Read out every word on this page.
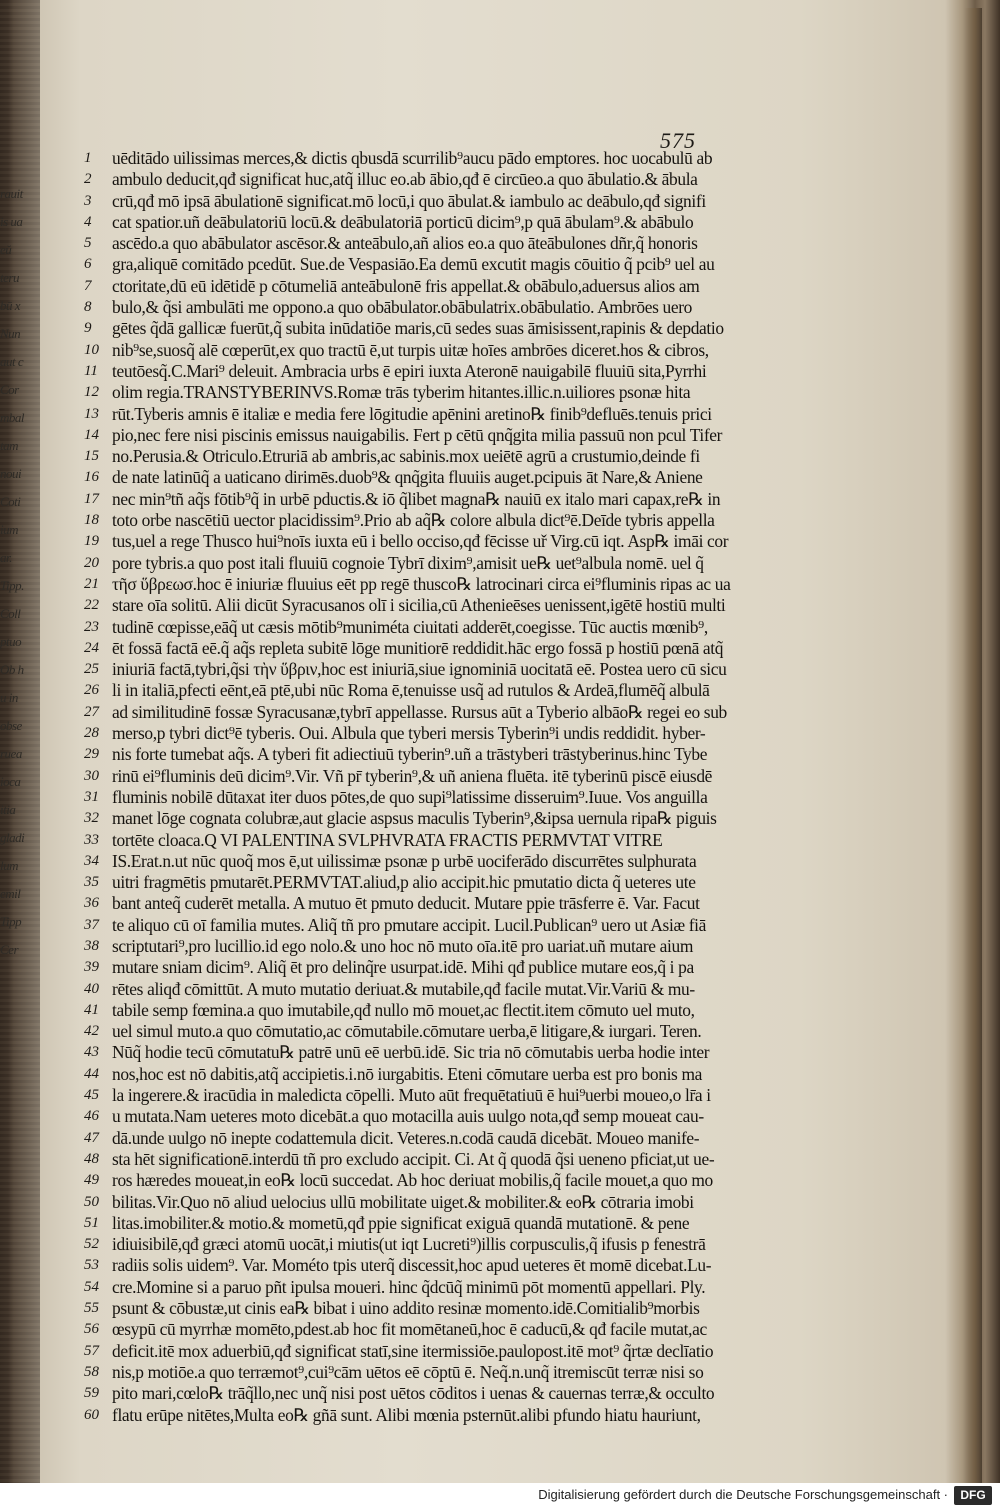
rauit
is ua
eŭ
teru
bū x
Nun
aut c
Cor
mbal
tam
noui
Coti
ium
ar.
Tipp.
Coll
ptuo
Ob h
u in
obse
ruea
ioca
itia
gladi
lum
emil
Tipp
Cer
575
1	uēditādo uilissimas merces,& dictis qbusdā scurrilib⁹aucu pādo emptores. hoc uocabulū ab
2	ambulo deducit,qđ significat huc,atq̃ illuc eo.ab ābio,qđ ē circūeo.a quo ābulatio.& ābula
3	crū,qđ mō ipsā ābulationē significat.mō locū,i quo ābulat.& iambulo ac deābulo,qđ signifi
4	cat spatior.uñ deābulatoriū locū.& deābulatoriā porticū dicim⁹,p quā ābulam⁹.& abābulo
5	ascēdo.a quo abābulator ascēsor.& anteābulo,añ alios eo.a quo āteābulones dñr,q̃ honoris
6	gra,aliquē comitādo pcedūt. Sue.de Vespasiāo.Ea demū excutit magis cōuitio q̃ pcib⁹ uel au
7	ctoritate,dū eū idētidē p cōtumeliā anteābulonē fris appellat.& obābulo,aduersus alios am
8	bulo,& q̃si ambulāti me oppono.a quo obābulator.obābulatrix.obābulatio. Ambrōes uero
9	gētes q̃dā gallicæ fuerūt,q̃ subita inūdatiōe maris,cū sedes suas āmisissent,rapinis & depdatio
10 nib⁹se,suosq̃ alē cœperūt,ex quo tractū ē,ut turpis uitæ hoīes ambrōes diceret.hos & cibros,
11 teutōesq̃.C.Mari⁹ deleuit. Ambracia urbs ē epiri iuxta Ateronē nauigabilē fluuiū sita,Pyrrhi
12 olim regia.TRANSTYBERINVS.Romæ trās tyberim hitantes.illic.n.uiliores psonæ hita
13 rūt.Tyberis amnis ē italiæ e media fere lōgitudie apēnini aretino℞ finib⁹defluēs.tenuis prici
14 pio,nec fere nisi piscinis emissus nauigabilis. Fert p cētū qnq̃gita milia passuū non pcul Tifer
15 no.Perusia.& Otriculo.Etruriā ab ambris,ac sabinis.mox ueiētē agrū a crustumio,deinde fi
16 de nate latinūq̃ a uaticano dirimēs.duob⁹& qnq̃gita fluuiis auget.pcipuis āt Nare,& Aniene
17 nec min⁹tñ aq̃s fōtib⁹q̃ in urbē pductis.& iō q̃libet magna℞ nauiū ex italo mari capax,re℞ in
18 toto orbe nascētiū uector placidissim⁹.Prio ab aq̃℞ colore albula dict⁹ē.Deīde tybris appella
19 tus,uel a rege Thusco hui⁹noīs iuxta eū i bello occiso,qđ fēcisse uř Virg.cū iqt. Asp℞ imāi cor
20 pore tybris.a quo post itali fluuiū cognoie Tybrī dixim⁹,amisit ue℞ uet⁹albula nomē. uel q̃
21 τῆσ ὕβρεωσ.hoc ē iniuriæ fluuius eēt pp regē thusco℞ latrocinari circa ei⁹fluminis ripas ac ua
22 stare oīa solitū. Alii dicūt Syracusanos olī i sicilia,cū Athenieēses uenissent,igētē hostiū multi
23 tudinē cœpisse,eāq̃ ut cæsis mōtib⁹muniméta ciuitati adderēt,coegisse. Tūc auctis mœnib⁹,
24 ēt fossā factā eē.q̃ aq̃s repleta subitē lōge munitiorē reddidit.hāc ergo fossā p hostiū pœnā atq̃
25 iniuriā factā,tybri,q̃si τὴν ὕβριν,hoc est iniuriā,siue ignominiā uocitatā eē. Postea uero cū sicu
26 li in italiā,pfecti eēnt,eā ptē,ubi nūc Roma ē,tenuisse usq̃ ad rutulos & Ardeā,flumēq̃ albulā
27 ad similitudinē fossæ Syracusanæ,tybrī appellasse. Rursus aūt a Tyberio albāo℞ regei eo sub
28 merso,p tybri dict⁹ē tyberis. Oui. Albula que tyberi mersis Tyberin⁹i undis reddidit. hyber-
29 nis forte tumebat aq̃s. A tyberi fit adiectiuū tyberin⁹.uñ a trāstyberi trāstyberinus.hinc Tybe
30 rinū ei⁹fluminis deū dicim⁹.Vir. Vñ pr̄ tyberin⁹,& uñ aniena fluēta. itē tyberinū piscē eiusdē
31 fluminis nobilē dūtaxat iter duos pōtes,de quo supi⁹latissime disseruim⁹.Iuue. Vos anguilla
32 manet lōge cognata colubræ,aut glacie aspsus maculis Tyberin⁹,&ipsa uernula ripa℞ piguis
33 tortēte cloaca.Q VI PALENTINA SVLPHVRATA FRACTIS PERMVTAT VITRE
34 IS.Erat.n.ut nūc quoq̃ mos ē,ut uilissimæ psonæ p urbē uociferādo discurrētes sulphurata
35 uitri fragmētis pmutarēt.PERMVTAT.aliud,p alio accipit.hic pmutatio dicta q̃ ueteres ute
36 bant anteq̃ cuderēt metalla. A mutuo ēt pmuto deducit. Mutare ppie trāsferre ē. Var. Facut
37 te aliquo cū oī familia mutes. Aliq̃ tñ pro pmutare accipit. Lucil.Publican⁹ uero ut Asiæ fiā
38 scriptutari⁹,pro lucillio.id ego nolo.& uno hoc nō muto oīa.itē pro uariat.uñ mutare aium
39 mutare sniam dicim⁹. Aliq̃ ēt pro delinq̃re usurpat.idē. Mihi qđ publice mutare eos,q̃ i pa
40 rētes aliqđ cōmittūt. A muto mutatio deriuat.& mutabile,qđ facile mutat.Vir.Variū & mu-
41 tabile semp fœmina.a quo imutabile,qđ nullo mō mouet,ac flectit.item cōmuto uel muto,
42 uel simul muto.a quo cōmutatio,ac cōmutabile.cōmutare uerba,ē litigare,& iurgari. Teren.
43 Nūq̃ hodie tecū cōmutatu℞ patrē unū eē uerbū.idē. Sic tria nō cōmutabis uerba hodie inter
44 nos,hoc est nō dabitis,atq̃ accipietis.i.nō iurgabitis. Eteni cōmutare uerba est pro bonis ma
45 la ingerere.& iracūdia in maledicta cōpelli. Muto aūt frequētatiuū ē hui⁹uerbi moueo,o lr̄a i
46 u mutata.Nam ueteres moto dicebāt.a quo motacilla auis uulgo nota,qđ semp moueat cau-
47 dā.unde uulgo nō inepte codattemula dicit. Veteres.n.codā caudā dicebāt. Moueo manife-
48 sta hēt significationē.interdū tñ pro excludo accipit. Ci. At q̃ quodā q̃si ueneno pficiat,ut ue-
49 ros hæredes moueat,in eo℞ locū succedat. Ab hoc deriuat mobilis,q̃ facile mouet,a quo mo
50 bilitas.Vir.Quo nō aliud uelocius ullū mobilitate uiget.& mobiliter.& eo℞ cōtraria imobi
51 litas.imobiliter.& motio.& mometū,qđ ppie significat exiguā quandā mutationē. & pene
52 idiuisibilē,qđ græci atomū uocāt,i miutis(ut iqt Lucreti⁹)illis corpusculis,q̃ ifusis p fenestrā
53 radiis solis uidem⁹. Var. Mométo tpis uterq̃ discessit,hoc apud ueteres ēt momē dicebat.Lu-
54 cre.Momine si a paruo pñt ipulsa moueri. hinc q̃dcūq̃ minimū pōt momentū appellari. Ply.
55 psunt & cōbustæ,ut cinis ea℞ bibat i uino addito resinæ momento.idē.Comitialib⁹morbis
56 œsypū cū myrrhæ momēto,pdest.ab hoc fit momētaneū,hoc ē caducū,& qđ facile mutat,ac
57 deficit.itē mox aduerbiū,qđ significat statī,sine itermissiōe.paulopost.itē mot⁹ q̃rtæ declīatio
58 nis,p motiōe.a quo terræmot⁹,cui⁹cām uētos eē cōptū ē. Neq̃.n.unq̃ itremiscūt terræ nisi so
59 pito mari,cœlo℞ trāq̃llo,nec unq̃ nisi post uētos cōditos i uenas & cauernas terræ,& occulto
60 flatu erūpe nitētes,Multa eo℞ gñā sunt. Alibi mœnia psternūt.alibi pfundo hiatu hauriunt,
Digitalisierung gefördert durch die Deutsche Forschungsgemeinschaft ·	DFG
